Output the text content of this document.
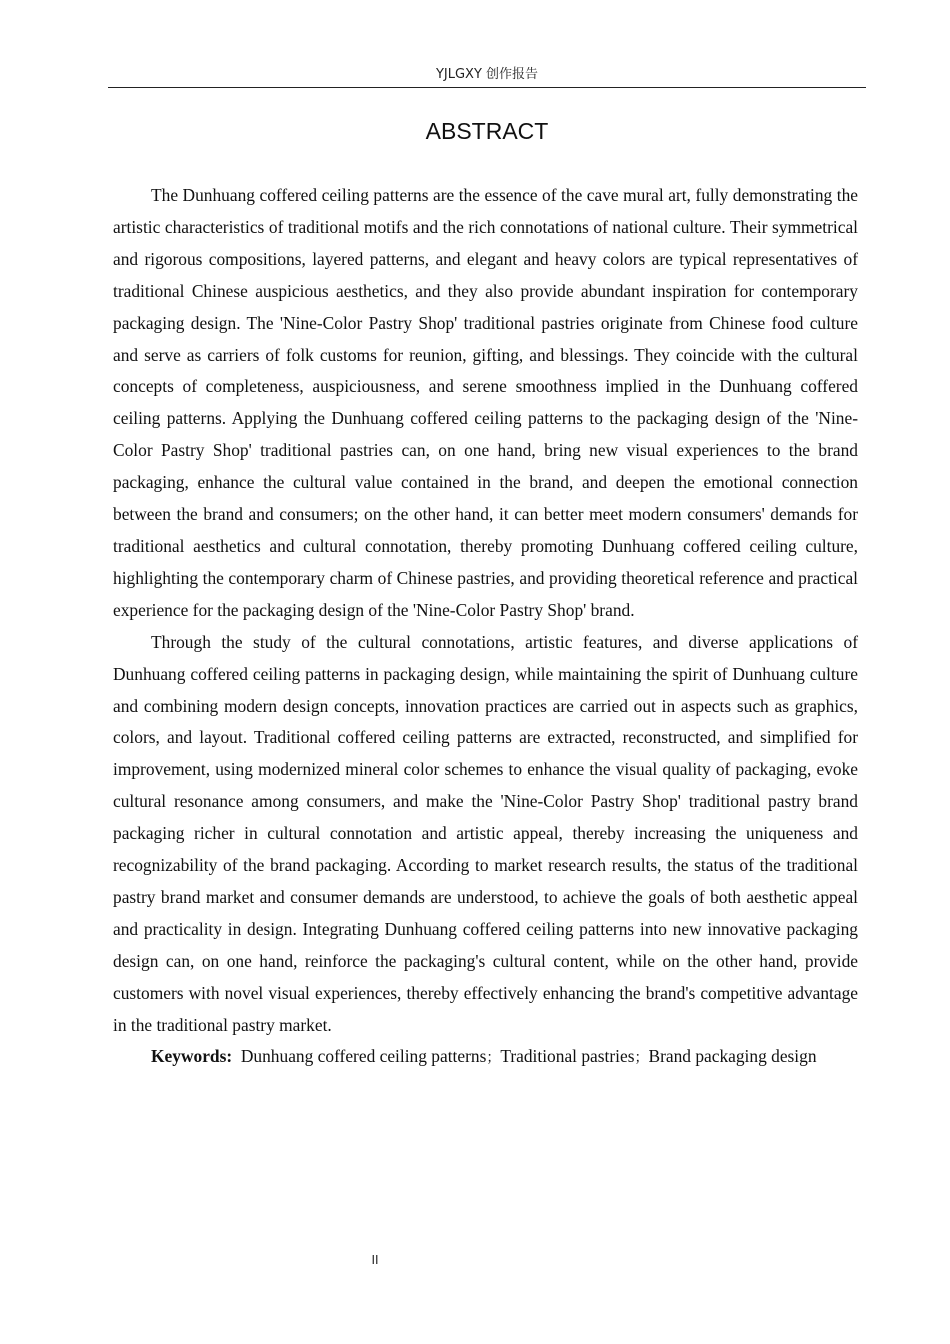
YJLGXY 创作报告
ABSTRACT

The Dunhuang coffered ceiling patterns are the essence of the cave mural art, fully demonstrating the artistic characteristics of traditional motifs and the rich connotations of national culture. Their symmetrical and rigorous compositions, layered patterns, and elegant and heavy colors are typical representatives of traditional Chinese auspicious aesthetics, and they also provide abundant inspiration for contemporary packaging design. The 'Nine-Color Pastry Shop' traditional pastries originate from Chinese food culture and serve as carriers of folk customs for reunion, gifting, and blessings. They coincide with the cultural concepts of completeness, auspiciousness, and serene smoothness implied in the Dunhuang coffered ceiling patterns. Applying the Dunhuang coffered ceiling patterns to the packaging design of the 'Nine-Color Pastry Shop' traditional pastries can, on one hand, bring new visual experiences to the brand packaging, enhance the cultural value contained in the brand, and deepen the emotional connection between the brand and consumers; on the other hand, it can better meet modern consumers' demands for traditional aesthetics and cultural connotation, thereby promoting Dunhuang coffered ceiling culture, highlighting the contemporary charm of Chinese pastries, and providing theoretical reference and practical experience for the packaging design of the 'Nine-Color Pastry Shop' brand.

Through the study of the cultural connotations, artistic features, and diverse applications of Dunhuang coffered ceiling patterns in packaging design, while maintaining the spirit of Dunhuang culture and combining modern design concepts, innovation practices are carried out in aspects such as graphics, colors, and layout. Traditional coffered ceiling patterns are extracted, reconstructed, and simplified for improvement, using modernized mineral color schemes to enhance the visual quality of packaging, evoke cultural resonance among consumers, and make the 'Nine-Color Pastry Shop' traditional pastry brand packaging richer in cultural connotation and artistic appeal, thereby increasing the uniqueness and recognizability of the brand packaging. According to market research results, the status of the traditional pastry brand market and consumer demands are understood, to achieve the goals of both aesthetic appeal and practicality in design. Integrating Dunhuang coffered ceiling patterns into new innovative packaging design can, on one hand, reinforce the packaging's cultural content, while on the other hand, provide customers with novel visual experiences, thereby effectively enhancing the brand's competitive advantage in the traditional pastry market.

Keywords: Dunhuang coffered ceiling patterns；Traditional pastries；Brand packaging design

II
